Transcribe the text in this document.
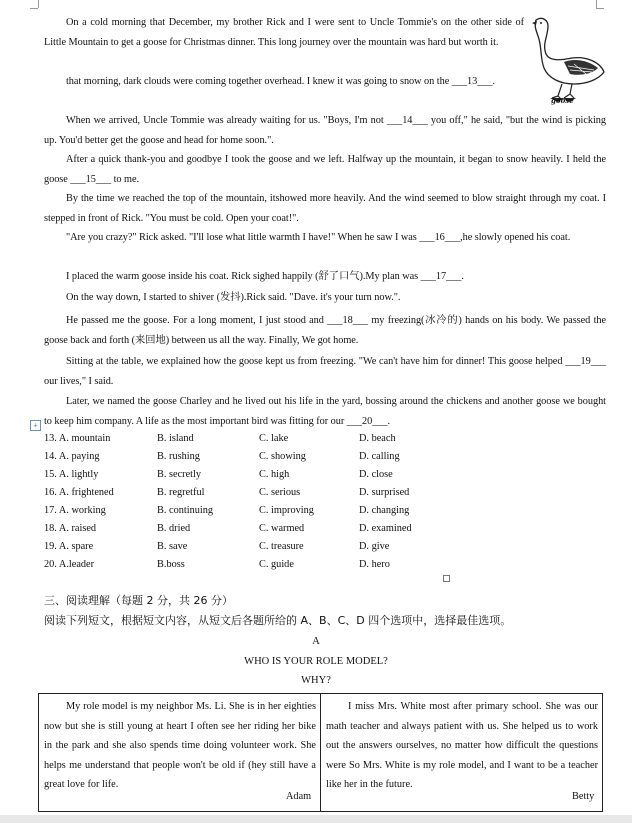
goose

On a cold morning that December, my brother Rick and I were sent to Uncle Tommie's on the other side of Little Mountain to get a goose for Christmas dinner. This long journey over the mountain was hard but worth it.

that morning, dark clouds were coming together overhead. I knew it was going to snow on the ___13___.

When we arrived, Uncle Tommie was already waiting for us. "Boys, I'm not ___14___ you off," he said, "but the wind is picking up. You'd better get the goose and head for home soon.".

After a quick thank-you and goodbye I took the goose and we left. Halfway up the mountain, it began to snow heavily. I held the goose ___15___ to me.

By the time we reached the top of the mountain, itshowed more heavily. And the wind seemed to blow straight through my coat. I stepped in front of Rick. "You must be cold. Open your coat!".

"Are you crazy?" Rick asked. "I'll lose what little warmth I have!" When he saw I was ___16___,he slowly opened his coat.

I placed the warm goose inside his coat. Rick sighed happily (舒了口气).My plan was ___17___.

On the way down, I started to shiver (发抖).Rick said. "Dave. it's your turn now.".

He passed me the goose. For a long moment, I just stood and ___18___ my freezing(冰冷的) hands on his body. We passed the goose back and forth (来回地) between us all the way. Finally, We got home.

Sitting at the table, we explained how the goose kept us from freezing. "We can't have him for dinner! This goose helped ___19___ our lives," I said.

Later, we named the goose Charley and he lived out his life in the yard, bossing around the chickens and another goose we bought to keep him company. A life as the most important bird was fitting for our ___20___.

+
13. A. mountain	B. island	C. lake	D. beach
14. A. paying	B. rushing	C. showing	D. calling
15. A. lightly	B. secretly	C. high	D. close
16. A. frightened	B. regretful	C. serious	D. surprised
17. A. working	B. continuing	C. improving	D. changing
18. A. raised	B. dried	C. warmed	D. examined
19. A. spare	B. save	C. treasure	D. give
20. A.leader	B.boss	C. guide	D. hero
三、阅读理解（每题 2 分，共 26 分）
阅读下列短文，根据短文内容，从短文后各题所给的 A、B、C、D 四个选项中，选择最佳选项。
A
WHO IS YOUR ROLE MODEL?
WHY?
My role model is my neighbor Ms. Li. She is in her eighties now but she is still young at heart I often see her riding her bike in the park and she also spends time doing volunteer work. She helps me understand that people won't be old if (hey still have a great love for life.
Adam
I miss Mrs. White most after primary school. She was our math teacher and always patient with us. She helped us to work out the answers ourselves, no matter how difficult the questions were So Mrs. White is my role model, and I want to be a teacher like her in the future.
Betty
